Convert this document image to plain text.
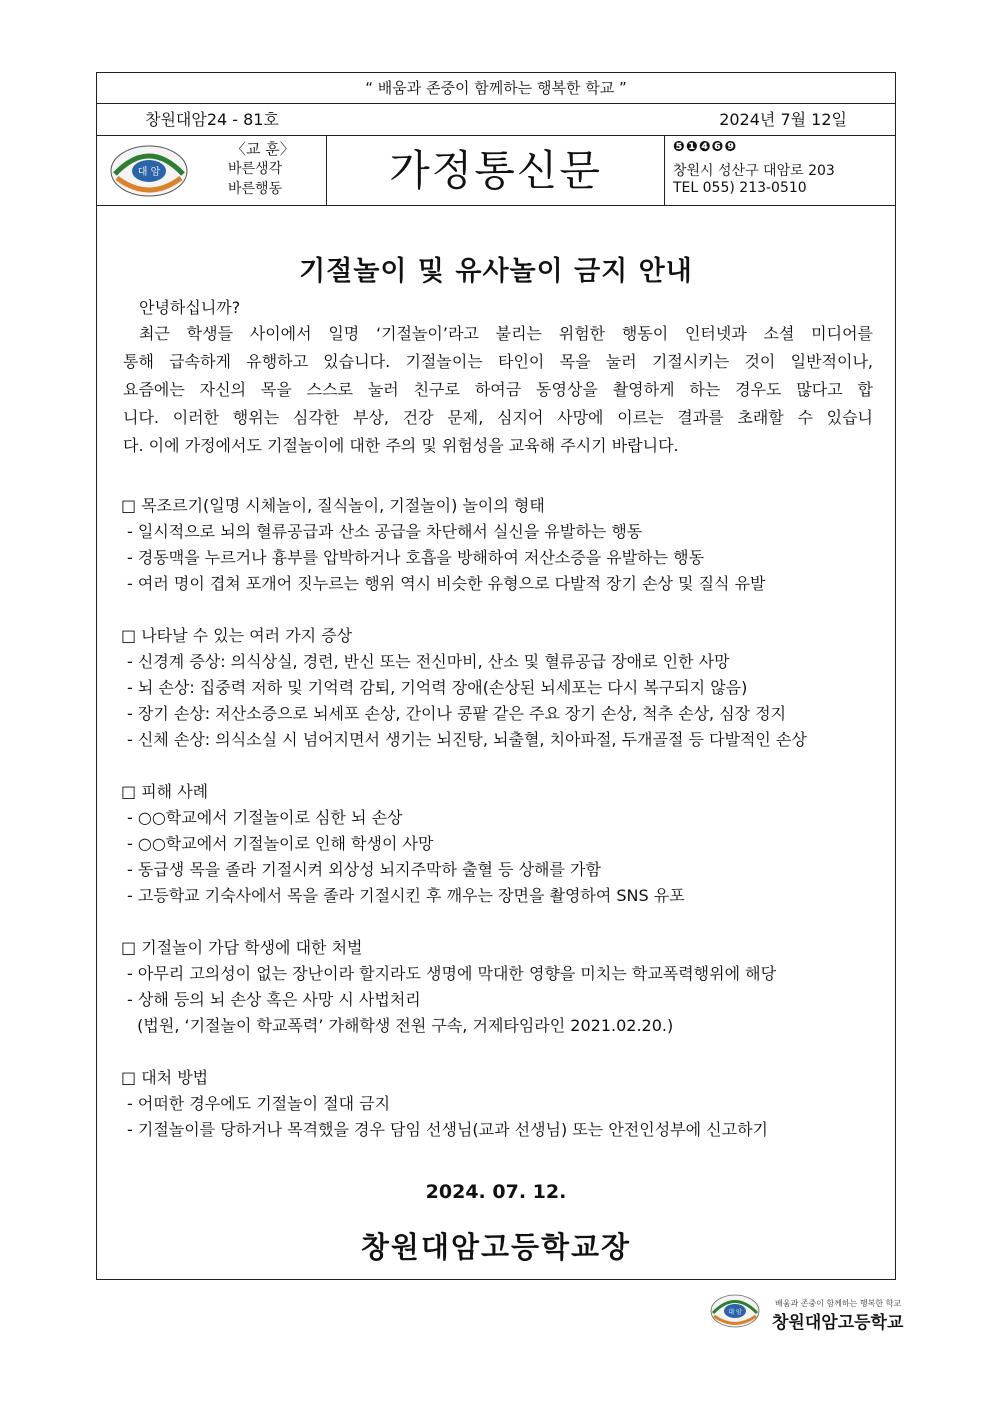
“ 배움과 존중이 함께하는 행복한 학교 ”
창원대암24 - 81호	2024년 7월 12일
대 암
〈교 훈〉
바른생각
바른행동	가정통신문	❺❶❹❻❾
창원시 성산구 대암로 203
TEL 055) 213-0510
기절놀이 및 유사놀이 금지 안내
안녕하십니까?
최근 학생들 사이에서 일명 ‘기절놀이’라고 불리는 위험한 행동이 인터넷과 소셜 미디어를
통해 급속하게 유행하고 있습니다. 기절놀이는 타인이 목을 눌러 기절시키는 것이 일반적이나,
요즘에는 자신의 목을 스스로 눌러 친구로 하여금 동영상을 촬영하게 하는 경우도 많다고 합
니다. 이러한 행위는 심각한 부상, 건강 문제, 심지어 사망에 이르는 결과를 초래할 수 있습니
다. 이에 가정에서도 기절놀이에 대한 주의 및 위험성을 교육해 주시기 바랍니다.
□ 목조르기(일명 시체놀이, 질식놀이, 기절놀이) 놀이의 형태
- 일시적으로 뇌의 혈류공급과 산소 공급을 차단해서 실신을 유발하는 행동
- 경동맥을 누르거나 흉부를 압박하거나 호흡을 방해하여 저산소증을 유발하는 행동
- 여러 명이 겹쳐 포개어 짓누르는 행위 역시 비슷한 유형으로 다발적 장기 손상 및 질식 유발
□ 나타날 수 있는 여러 가지 증상
- 신경계 증상: 의식상실, 경련, 반신 또는 전신마비, 산소 및 혈류공급 장애로 인한 사망
- 뇌 손상: 집중력 저하 및 기억력 감퇴, 기억력 장애(손상된 뇌세포는 다시 복구되지 않음)
- 장기 손상: 저산소증으로 뇌세포 손상, 간이나 콩팥 같은 주요 장기 손상, 척추 손상, 심장 정지
- 신체 손상: 의식소실 시 넘어지면서 생기는 뇌진탕, 뇌출혈, 치아파절, 두개골절 등 다발적인 손상
□ 피해 사례
- ○○학교에서 기절놀이로 심한 뇌 손상
- ○○학교에서 기절놀이로 인해 학생이 사망
- 동급생 목을 졸라 기절시켜 외상성 뇌지주막하 출혈 등 상해를 가함
- 고등학교 기숙사에서 목을 졸라 기절시킨 후 깨우는 장면을 촬영하여 SNS 유포
□ 기절놀이 가담 학생에 대한 처벌
- 아무리 고의성이 없는 장난이라 할지라도 생명에 막대한 영향을 미치는 학교폭력행위에 해당
- 상해 등의 뇌 손상 혹은 사망 시 사법처리
(법원, ‘기절놀이 학교폭력’ 가해학생 전원 구속, 거제타임라인 2021.02.20.)
□ 대처 방법
- 어떠한 경우에도 기절놀이 절대 금지
- 기절놀이를 당하거나 목격했을 경우 담임 선생님(교과 선생님) 또는 안전인성부에 신고하기
2024. 07. 12.
창원대암고등학교장
대 암
배움과 존중이 함께하는 행복한 학교
창원대암고등학교
